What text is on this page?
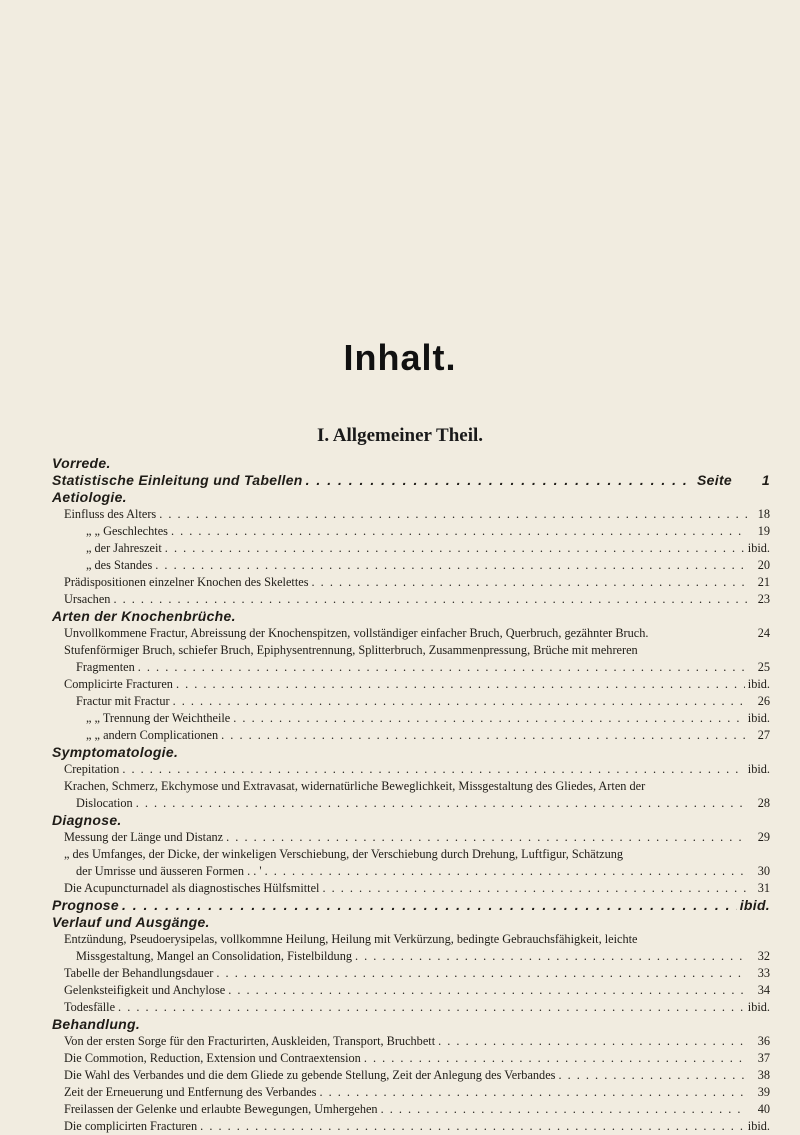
Inhalt.
I. Allgemeiner Theil.
Vorrede.
Statistische Einleitung und Tabellen . . .	Seite	1
Aetiologie.
Einfluss des Alters . . .	18
„ „ Geschlechtes . . .	19
„ der Jahreszeit . . .	ibid.
„ des Standes . . .	20
Prädispositionen einzelner Knochen des Skelettes . . .	21
Ursachen . . .	23
Arten der Knochenbrüche.
Unvollkommene Fractur, Abreissung der Knochenspitzen, vollständiger einfacher Bruch, Querbruch, gezähnter Bruch.	24
Stufenförmiger Bruch, schiefer Bruch, Epiphysentrennung, Splitterbruch, Zusammenpressung, Brüche mit mehreren
Fragmenten . . .	25
Complicirte Fracturen . . .	ibid.
Fractur mit Fractur . . .	26
„ „ Trennung der Weichtheile . . .	ibid.
„ „ andern Complicationen . . .	27
Symptomatologie.
Crepitation . . .	ibid.
Krachen, Schmerz, Ekchymose und Extravasat, widernatürliche Beweglichkeit, Missgestaltung des Gliedes, Arten der
Dislocation . . .	28
Diagnose.
Messung der Länge und Distanz . . .	29
„ des Umfanges, der Dicke, der winkeligen Verschiebung, der Verschiebung durch Drehung, Luftfigur, Schätzung
der Umrisse und äusseren Formen . . ' . . .	30
Die Acupuncturnadel als diagnostisches Hülfsmittel . . .	31
Prognose . . .	ibid.
Verlauf und Ausgänge.
Entzündung, Pseudoerysipelas, vollkommne Heilung, Heilung mit Verkürzung, bedingte Gebrauchsfähigkeit, leichte
Missgestaltung, Mangel an Consolidation, Fistelbildung . . .	32
Tabelle der Behandlungsdauer . . .	33
Gelenksteifigkeit und Anchylose . . .	34
Todesfälle . . .	ibid.
Behandlung.
Von der ersten Sorge für den Fracturirten, Auskleiden, Transport, Bruchbett . . .	36
Die Commotion, Reduction, Extension und Contraextension . . .	37
Die Wahl des Verbandes und die dem Gliede zu gebende Stellung, Zeit der Anlegung des Verbandes . . .	38
Zeit der Erneuerung und Entfernung des Verbandes . . .	39
Freilassen der Gelenke und erlaubte Bewegungen, Umhergehen . . .	40
Die complicirten Fracturen . . .	ibid.
